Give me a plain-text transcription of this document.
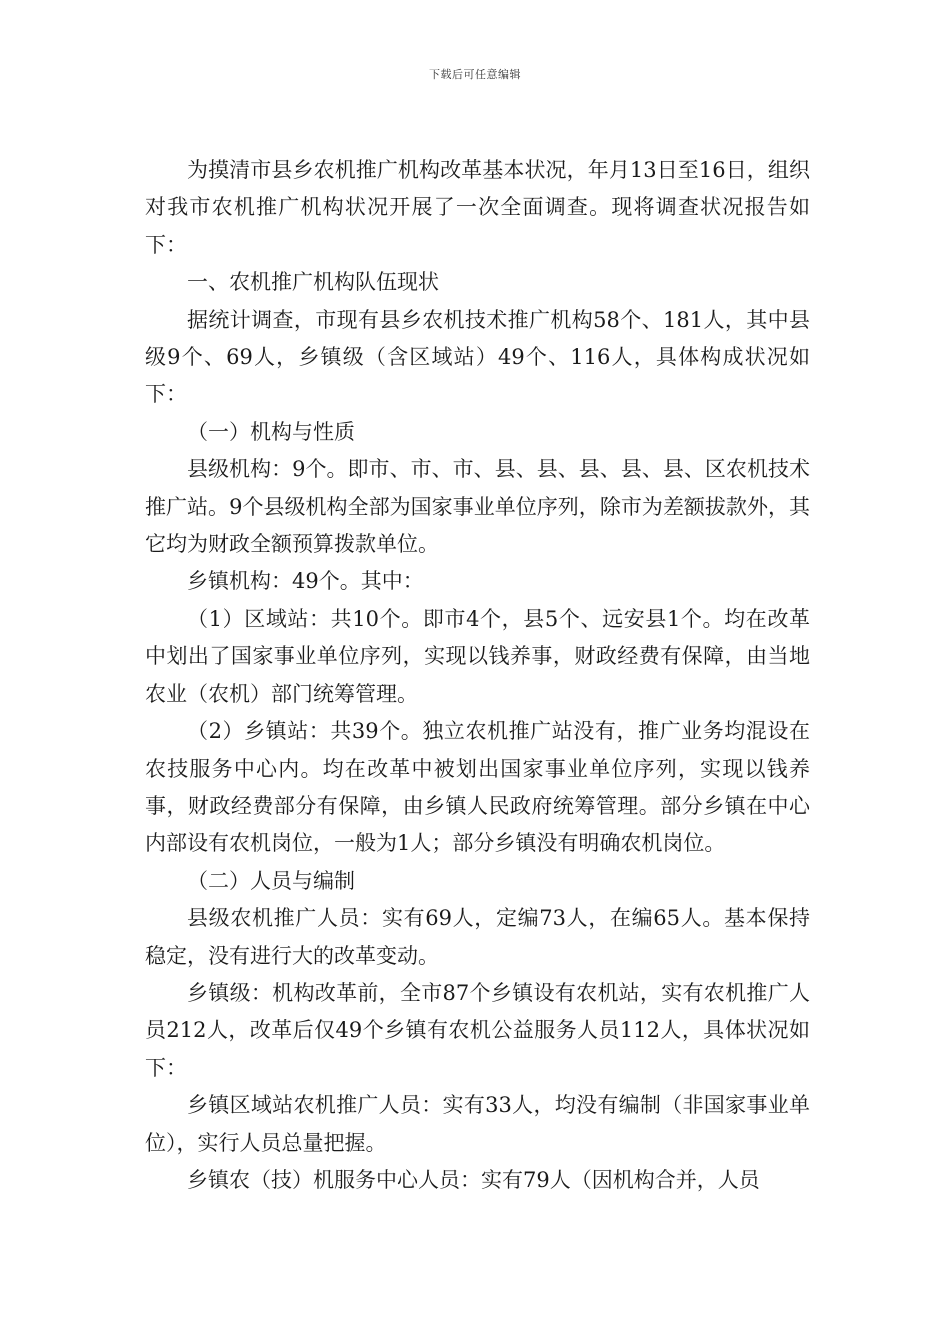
下载后可任意编辑

为摸清市县乡农机推广机构改革基本状况，年月13日至16日，组织对我市农机推广机构状况开展了一次全面调查。现将调查状况报告如下：

一、农机推广机构队伍现状

据统计调查，市现有县乡农机技术推广机构58个、181人，其中县级9个、69人，乡镇级（含区域站）49个、116人，具体构成状况如下：

（一）机构与性质

县级机构：9个。即市、市、市、县、县、县、县、县、区农机技术推广站。9个县级机构全部为国家事业单位序列，除市为差额拔款外，其它均为财政全额预算拨款单位。

乡镇机构：49个。其中：

（1）区域站：共10个。即市4个，县5个、远安县1个。均在改革中划出了国家事业单位序列，实现以钱养事，财政经费有保障，由当地农业（农机）部门统筹管理。

（2）乡镇站：共39个。独立农机推广站没有，推广业务均混设在农技服务中心内。均在改革中被划出国家事业单位序列，实现以钱养事，财政经费部分有保障，由乡镇人民政府统筹管理。部分乡镇在中心内部设有农机岗位，一般为1人；部分乡镇没有明确农机岗位。

（二）人员与编制

县级农机推广人员：实有69人，定编73人，在编65人。基本保持稳定，没有进行大的改革变动。

乡镇级：机构改革前，全市87个乡镇设有农机站，实有农机推广人员212人，改革后仅49个乡镇有农机公益服务人员112人，具体状况如下：

乡镇区域站农机推广人员：实有33人，均没有编制（非国家事业单位），实行人员总量把握。

乡镇农（技）机服务中心人员：实有79人（因机构合并，人员
